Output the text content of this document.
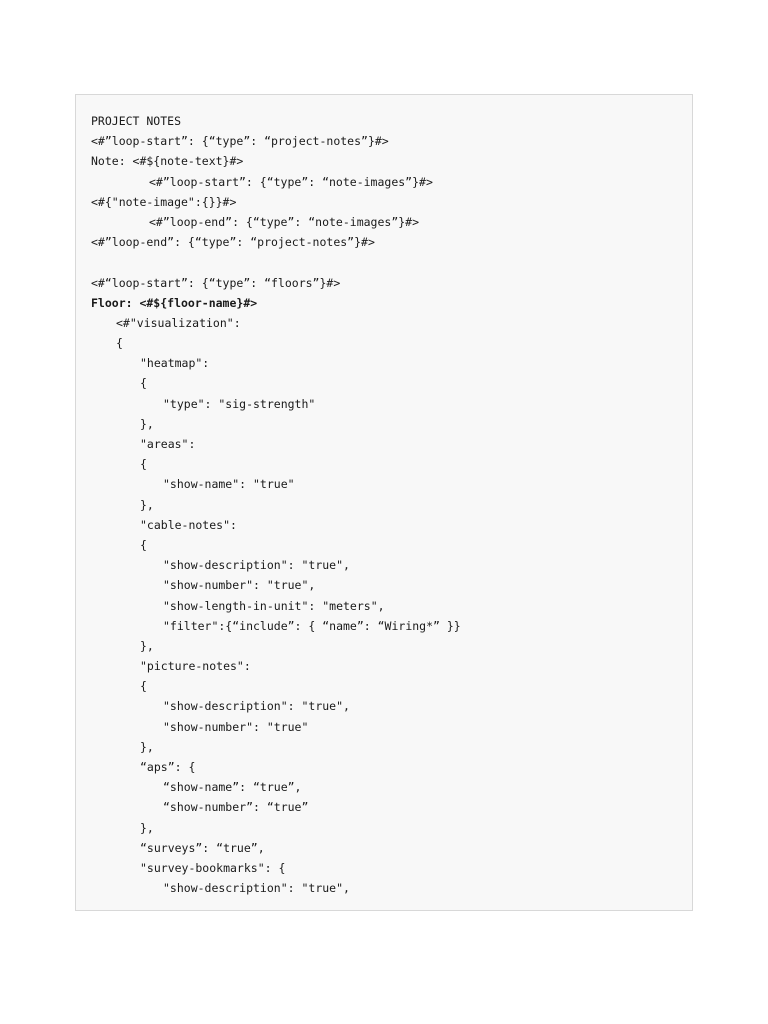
PROJECT NOTES
<#”loop-start”: {“type”: “project-notes”}#>
Note: <#${note-text}#>
<#”loop-start”: {“type”: “note-images”}#>
<#{"note-image":{}}#>
<#”loop-end”: {“type”: “note-images”}#>
<#”loop-end”: {“type”: “project-notes”}#>
<#“loop-start”: {“type”: “floors”}#>
Floor: <#${floor-name}#>
<#"visualization":
{
"heatmap":
{
"type": "sig-strength"
},
"areas":
{
"show-name": "true"
},
"cable-notes":
{
"show-description": "true",
"show-number": "true",
"show-length-in-unit": "meters",
"filter":{“include”: { “name”: “Wiring*” }}
},
"picture-notes":
{
"show-description": "true",
"show-number": "true"
},
“aps”: {
“show-name”: “true”,
“show-number”: “true”
},
“surveys”: “true”,
"survey-bookmarks": {
"show-description": "true",
